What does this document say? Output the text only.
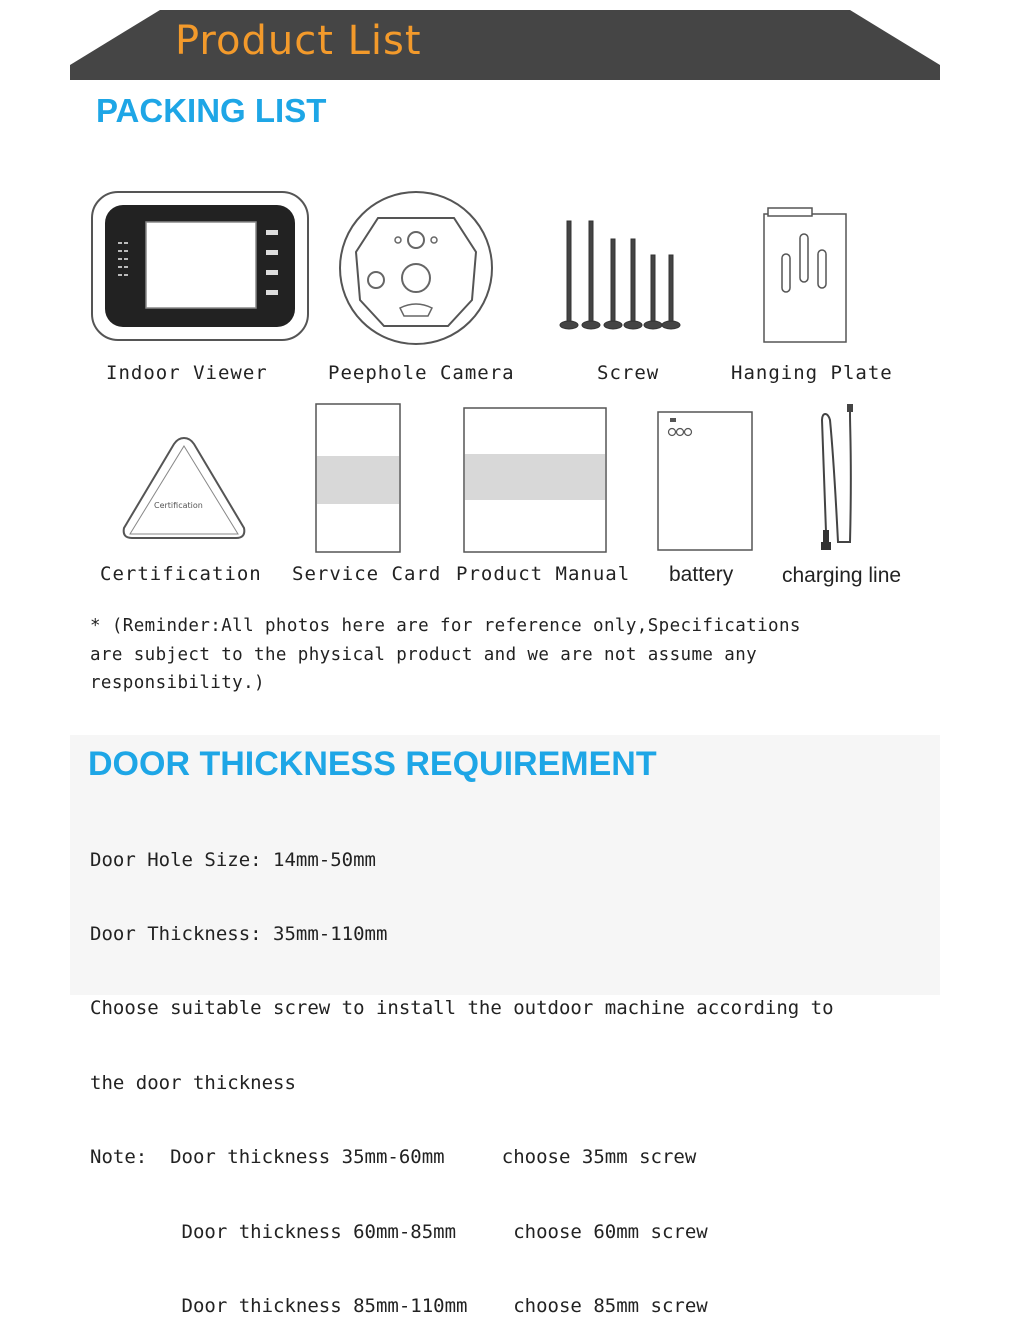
Product List
PACKING LIST
Indoor Viewer	Peephole Camera	Screw	Hanging Plate
Certification
Certification Service Card Product Manual battery charging line
* (Reminder:All photos here are for reference only,Specifications
are subject to the physical product and we are not assume any
responsibility.)
DOOR THICKNESS REQUIREMENT

Door Hole Size: 14mm-50mm

Door Thickness: 35mm-110mm

Choose suitable screw to install the outdoor machine according to

the door thickness

Note:  Door thickness 35mm-60mm     choose 35mm screw

Door thickness 60mm-85mm     choose 60mm screw

Door thickness 85mm-110mm    choose 85mm screw
